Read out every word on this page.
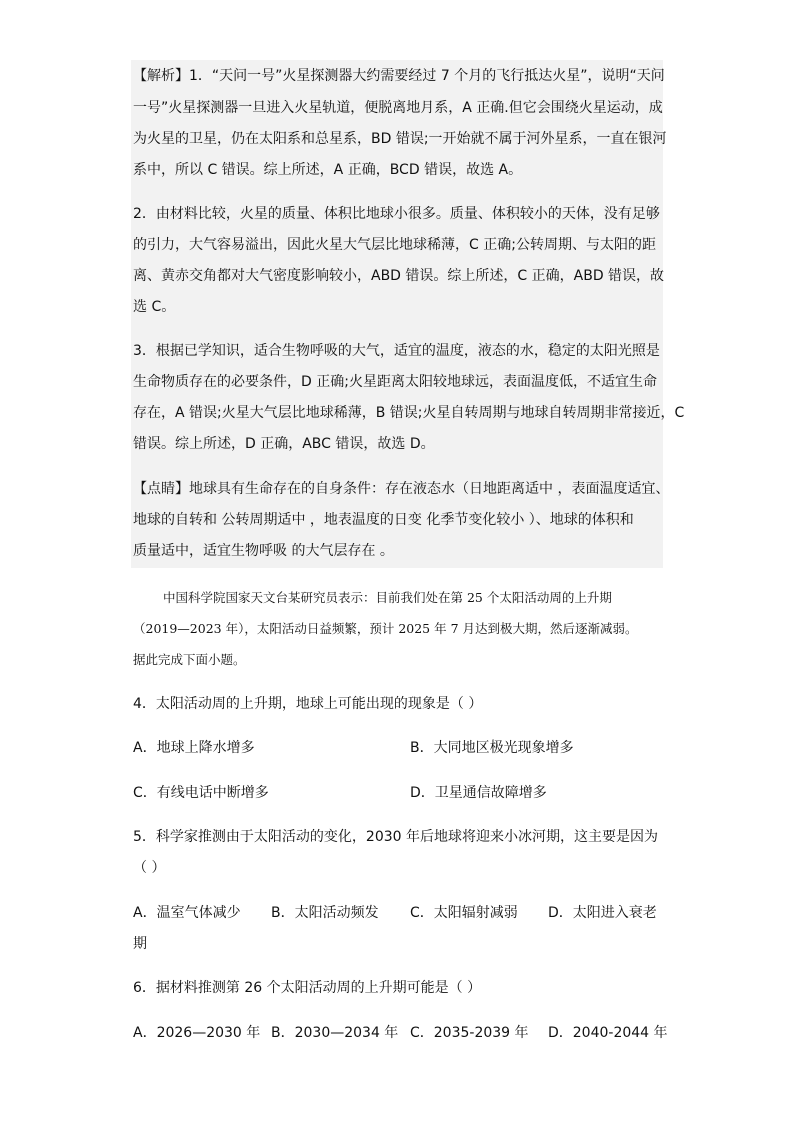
【解析】1．“天问一号”火星探测器大约需要经过 7 个月的飞行抵达火星”，说明“天问
一号”火星探测器一旦进入火星轨道，便脱离地月系，A 正确.但它会围绕火星运动，成
为火星的卫星，仍在太阳系和总星系，BD 错误;一开始就不属于河外星系，一直在银河
系中，所以 C 错误。综上所述，A 正确，BCD 错误，故选 A。
2．由材料比较，火星的质量、体积比地球小很多。质量、体积较小的天体，没有足够
的引力，大气容易溢出，因此火星大气层比地球稀薄，C 正确;公转周期、与太阳的距
离、黄赤交角都对大气密度影响较小，ABD 错误。综上所述，C 正确，ABD 错误，故
选 C。
3．根据已学知识，适合生物呼吸的大气，适宜的温度，液态的水，稳定的太阳光照是
生命物质存在的必要条件，D 正确;火星距离太阳较地球远，表面温度低，不适宜生命
存在，A 错误;火星大气层比地球稀薄，B 错误;火星自转周期与地球自转周期非常接近，C
错误。综上所述，D 正确，ABC 错误，故选 D。
【点睛】地球具有生命存在的自身条件：存在液态水（日地距离适中 ，表面温度适宜、
地球的自转和 公转周期适中 ，地表温度的日变 化季节变化较小 ）、地球的体积和
质量适中，适宜生物呼吸 的大气层存在 。
中国科学院国家天文台某研究员表示：目前我们处在第 25 个太阳活动周的上升期
（2019—2023 年），太阳活动日益频繁，预计 2025 年 7 月达到极大期，然后逐渐减弱。
据此完成下面小题。
4．太阳活动周的上升期，地球上可能出现的现象是（ ）
A．地球上降水增多	B．大同地区极光现象增多
C．有线电话中断增多	D．卫星通信故障增多
5．科学家推测由于太阳活动的变化，2030 年后地球将迎来小冰河期，这主要是因为
（ ）
A．温室气体减少 B．太阳活动频发 C．太阳辐射减弱 D．太阳进入衰老
期
6．据材料推测第 26 个太阳活动周的上升期可能是（ ）
A．2026—2030 年 B．2030—2034 年 C．2035-2039 年 D．2040-2044 年
